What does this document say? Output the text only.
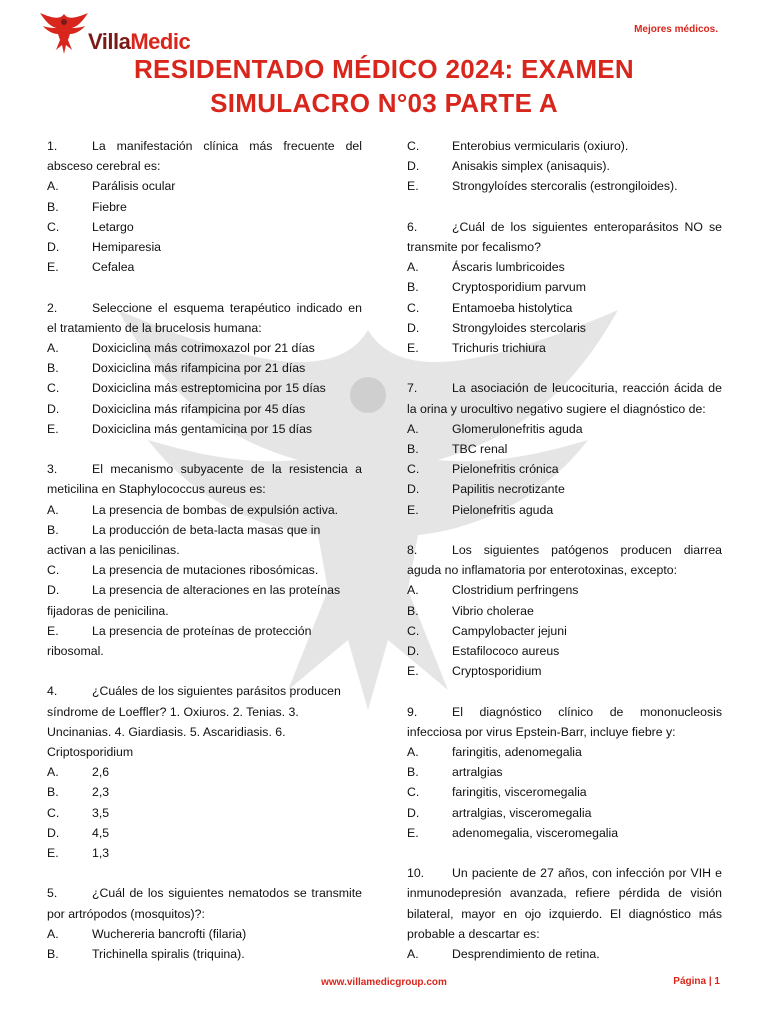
VillaMedic	Mejores médicos.
RESIDENTADO MÉDICO 2024: EXAMEN
SIMULACRO N°03 PARTE A
1.	La manifestación clínica más frecuente del absceso cerebral es:
A.	Parálisis ocular
B.	Fiebre
C.	Letargo
D.	Hemiparesia
E.	Cefalea
2.	Seleccione el esquema terapéutico indicado en el tratamiento de la brucelosis humana:
A.	Doxiciclina más cotrimoxazol por 21 días
B.	Doxiciclina más rifampicina por 21 días
C.	Doxiciclina más estreptomicina por 15 días
D.	Doxiciclina más rifampicina por 45 días
E.	Doxiciclina más gentamicina por 15 días
3.	El mecanismo subyacente de la resistencia a meticilina en Staphylococcus aureus es:
A.	La presencia de bombas de expulsión activa.
B.	La producción de beta-lacta masas que in
activan a las penicilinas.
C.	La presencia de mutaciones ribosómicas.
D.	La presencia de alteraciones en las proteínas
fijadoras de penicilina.
E.	La presencia de proteínas de protección
ribosomal.
4.	¿Cuáles de los siguientes parásitos producen
síndrome de Loeffler? 1. Oxiuros. 2. Tenias. 3.
Uncinanias. 4. Giardiasis. 5. Ascaridiasis. 6.
Criptosporidium
A.	2,6
B.	2,3
C.	3,5
D.	4,5
E.	1,3
5.	¿Cuál de los siguientes nematodos se transmite por artrópodos (mosquitos)?:
A.	Wuchereria bancrofti (filaria)
B.	Trichinella spiralis (triquina).
C.	Enterobius vermicularis (oxiuro).
D.	Anisakis simplex (anisaquis).
E.	Strongyloídes stercoralis (estrongiloides).
6.	¿Cuál de los siguientes enteroparásitos NO se transmite por fecalismo?
A.	Áscaris lumbricoides
B.	Cryptosporidium parvum
C.	Entamoeba histolytica
D.	Strongyloides stercolaris
E.	Trichuris trichiura
7.	La asociación de leucocituria, reacción ácida de la orina y urocultivo negativo sugiere el diagnóstico de:
A.	Glomerulonefritis aguda
B.	TBC renal
C.	Pielonefritis crónica
D.	Papilitis necrotizante
E.	Pielonefritis aguda
8.	Los siguientes patógenos producen diarrea aguda no inflamatoria por enterotoxinas, excepto:
A.	Clostridium perfringens
B.	Vibrio cholerae
C.	Campylobacter jejuni
D.	Estafilococo aureus
E.	Cryptosporidium
9.	El diagnóstico clínico de mononucleosis infecciosa por virus Epstein-Barr, incluye fiebre y:
A.	faringitis, adenomegalia
B.	artralgias
C.	faringitis, visceromegalia
D.	artralgias, visceromegalia
E.	adenomegalia, visceromegalia
10. Un paciente de 27 años, con infección por VIH e inmunodepresión avanzada, refiere pérdida de visión bilateral, mayor en ojo izquierdo. El diagnóstico más probable a descartar es:
A.	Desprendimiento de retina.
www.villamedicgroup.com	Página | 1
